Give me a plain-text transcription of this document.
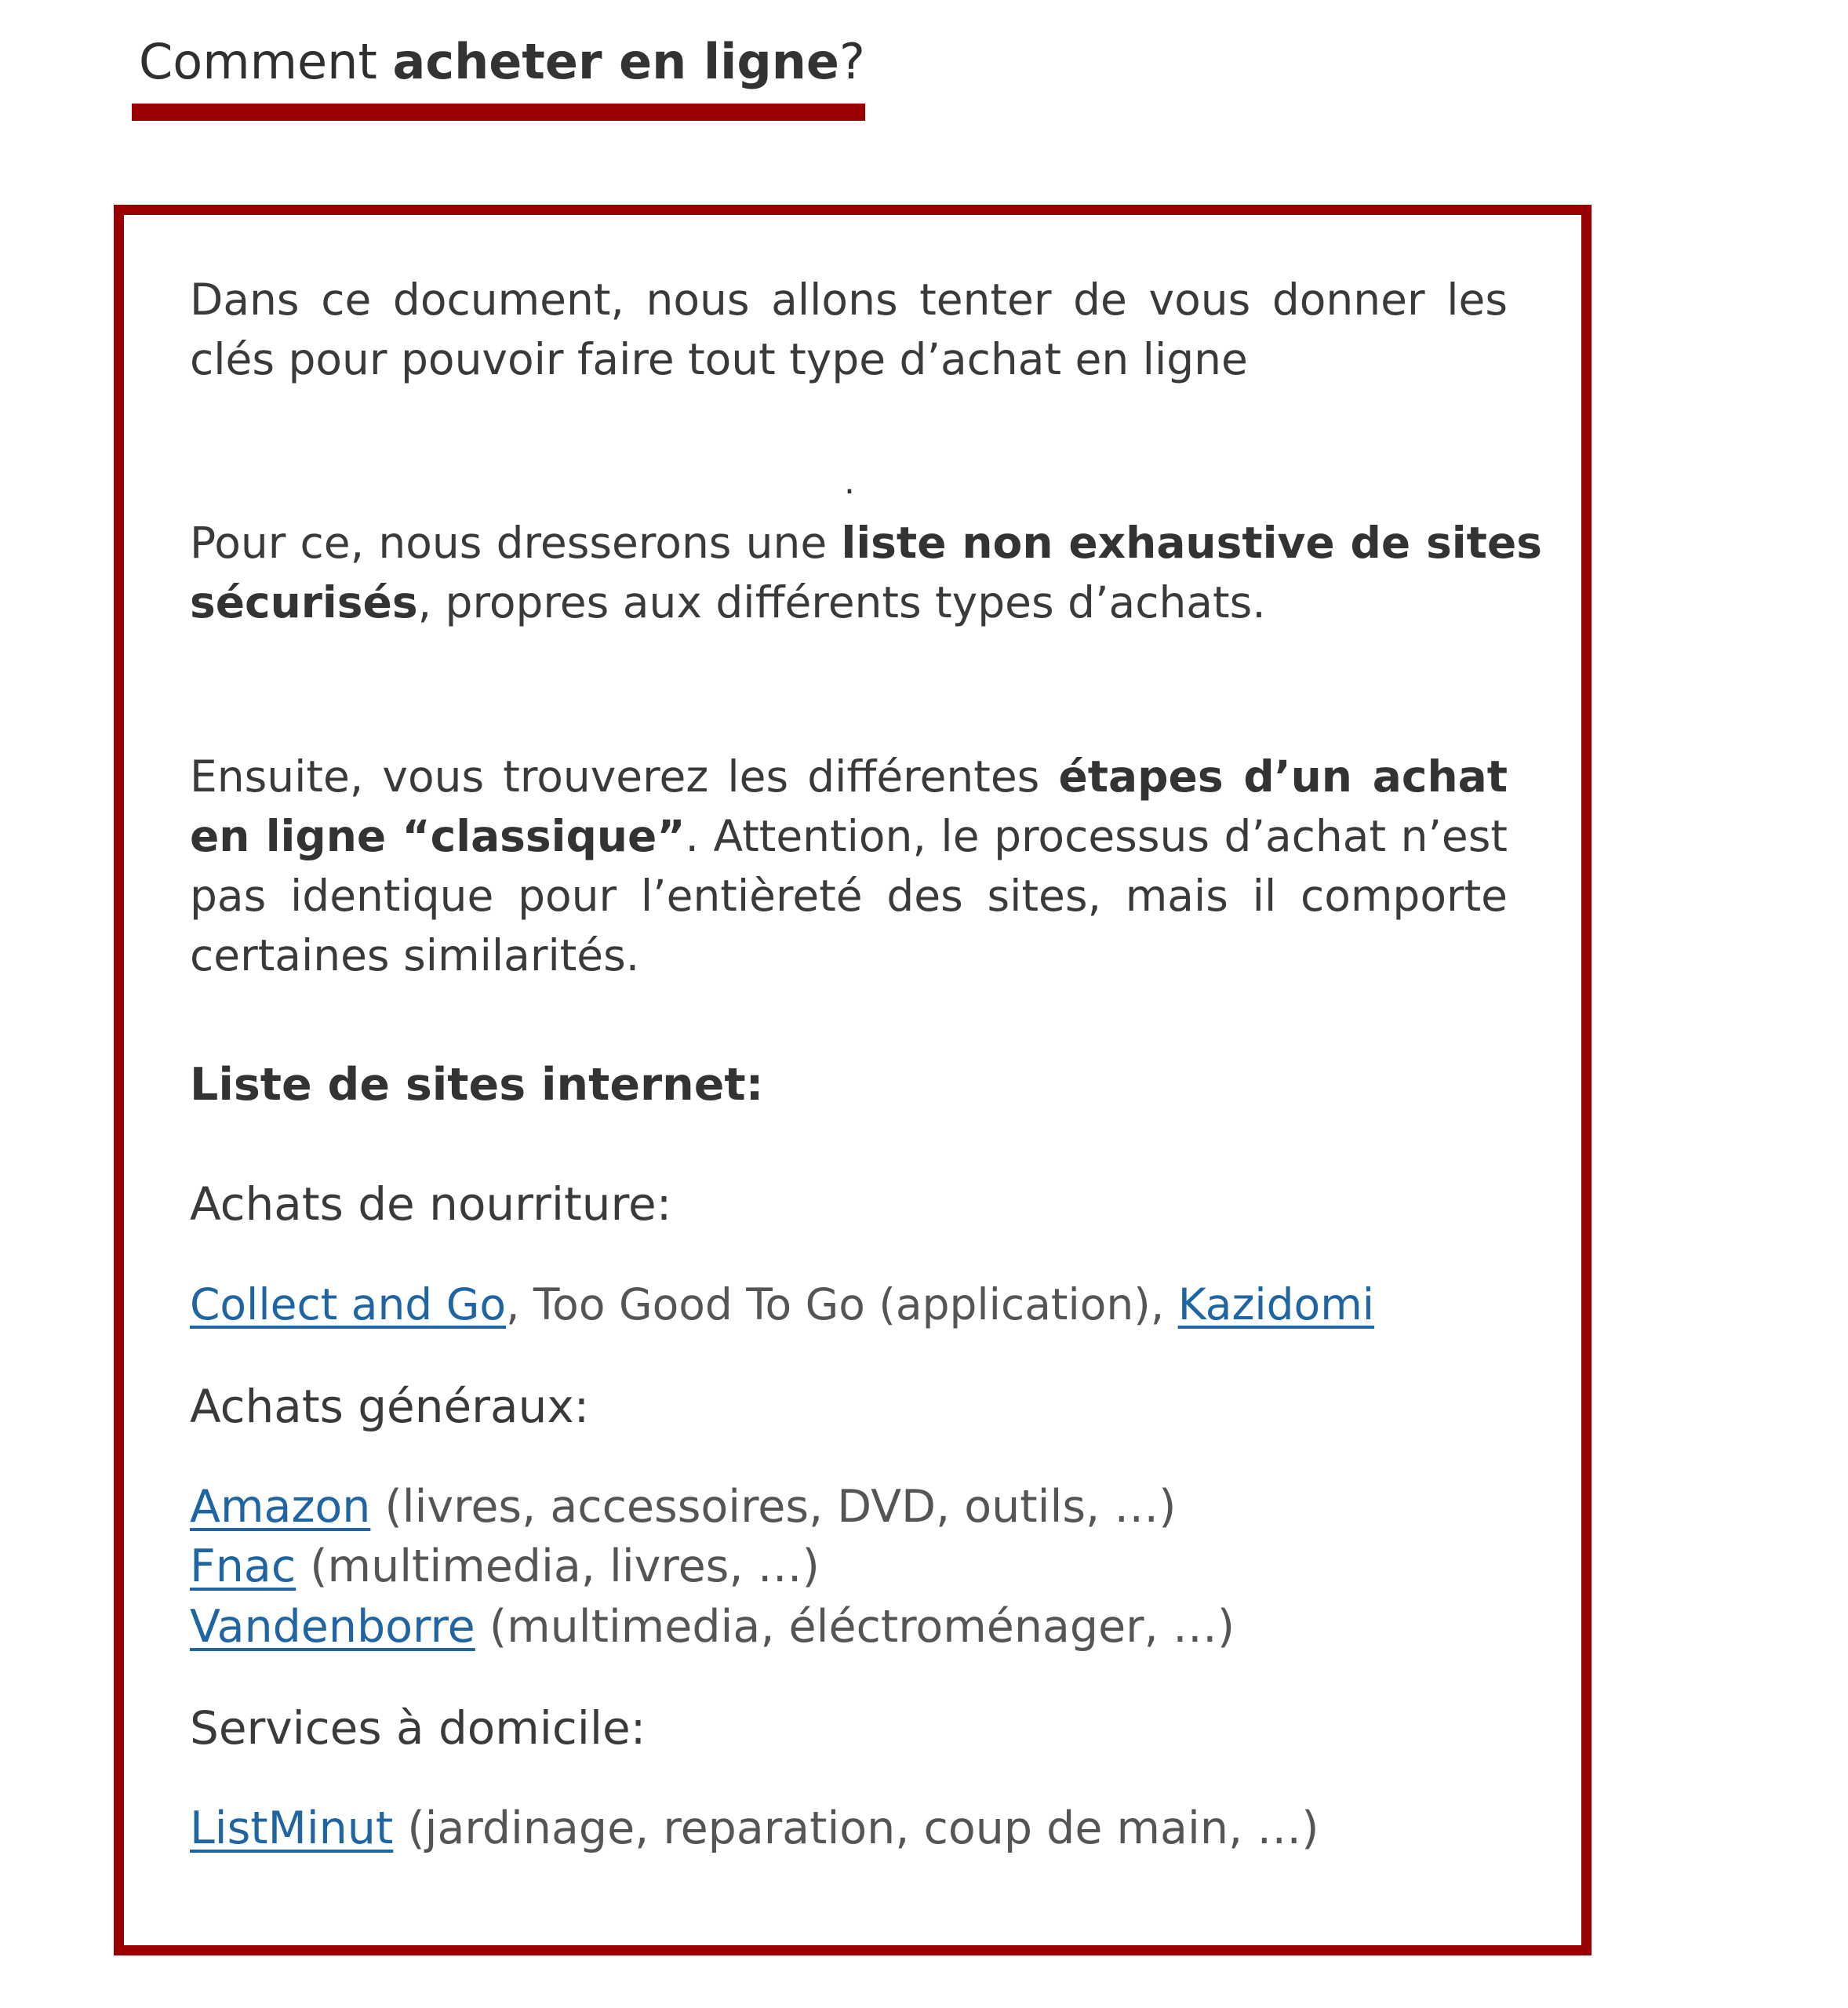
Comment acheter en ligne?

Dans ce document, nous allons tenter de vous donner les clés pour pouvoir faire tout type d’achat en ligne

.

Pour ce, nous dresserons une liste non exhaustive de sites sécurisés, propres aux différents types d’achats.

Ensuite, vous trouverez les différentes étapes d’un achat en ligne “classique”. Attention, le processus d’achat n’est pas identique pour l’entièreté des sites, mais il comporte certaines similarités.

Liste de sites internet:

Achats de nourriture:

Collect and Go, Too Good To Go (application), Kazidomi

Achats généraux:

Amazon (livres, accessoires, DVD, outils, …)

Fnac (multimedia, livres, …)

Vandenborre (multimedia, éléctroménager, …)

Services à domicile:

ListMinut (jardinage, reparation, coup de main, …)
